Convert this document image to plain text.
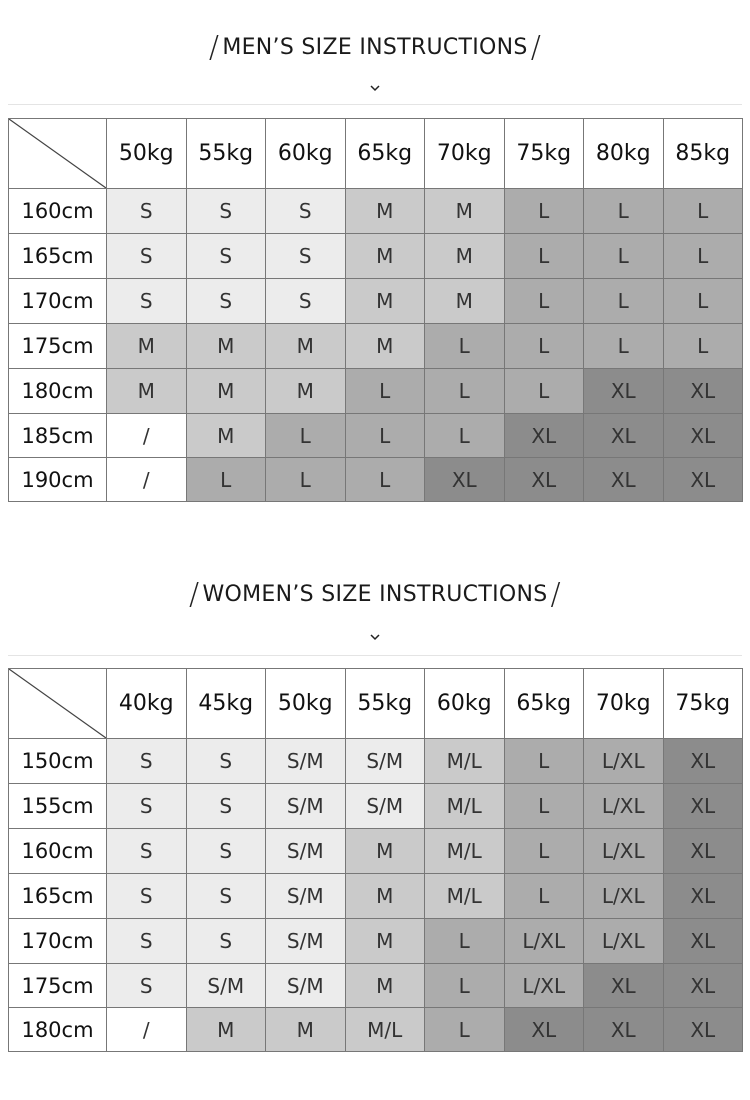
/ MEN’S SIZE INSTRUCTIONS /
	50kg	55kg	60kg	65kg	70kg	75kg	80kg	85kg
160cm	S	S	S	M	M	L	L	L
165cm	S	S	S	M	M	L	L	L
170cm	S	S	S	M	M	L	L	L
175cm	M	M	M	M	L	L	L	L
180cm	M	M	M	L	L	L	XL	XL
185cm	/	M	L	L	L	XL	XL	XL
190cm	/	L	L	L	XL	XL	XL	XL
/ WOMEN’S SIZE INSTRUCTIONS /
	40kg	45kg	50kg	55kg	60kg	65kg	70kg	75kg
150cm	S	S	S/M	S/M	M/L	L	L/XL	XL
155cm	S	S	S/M	S/M	M/L	L	L/XL	XL
160cm	S	S	S/M	M	M/L	L	L/XL	XL
165cm	S	S	S/M	M	M/L	L	L/XL	XL
170cm	S	S	S/M	M	L	L/XL	L/XL	XL
175cm	S	S/M	S/M	M	L	L/XL	XL	XL
180cm	/	M	M	M/L	L	XL	XL	XL
